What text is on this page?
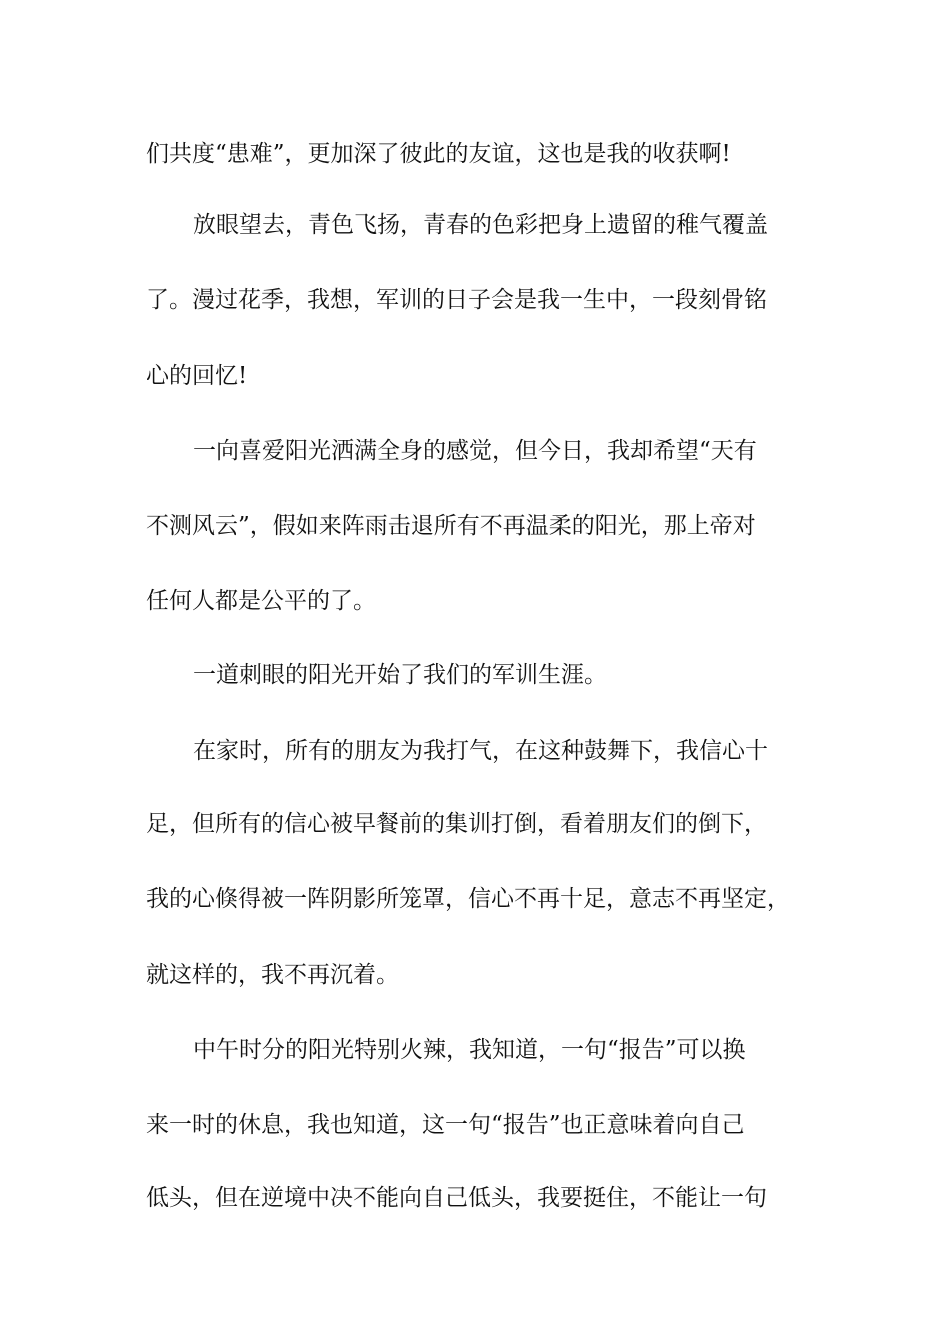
们共度“患难”，更加深了彼此的友谊，这也是我的收获啊!
放眼望去，青色飞扬，青春的色彩把身上遗留的稚气覆盖
了。漫过花季，我想，军训的日子会是我一生中，一段刻骨铭
心的回忆!
一向喜爱阳光洒满全身的感觉，但今日，我却希望“天有
不测风云”，假如来阵雨击退所有不再温柔的阳光，那上帝对
任何人都是公平的了。
一道刺眼的阳光开始了我们的军训生涯。
在家时，所有的朋友为我打气，在这种鼓舞下，我信心十
足，但所有的信心被早餐前的集训打倒，看着朋友们的倒下，
我的心倏得被一阵阴影所笼罩，信心不再十足，意志不再坚定，
就这样的，我不再沉着。
中午时分的阳光特别火辣，我知道，一句“报告”可以换
来一时的休息，我也知道，这一句“报告”也正意味着向自己
低头，但在逆境中决不能向自己低头，我要挺住，不能让一句
